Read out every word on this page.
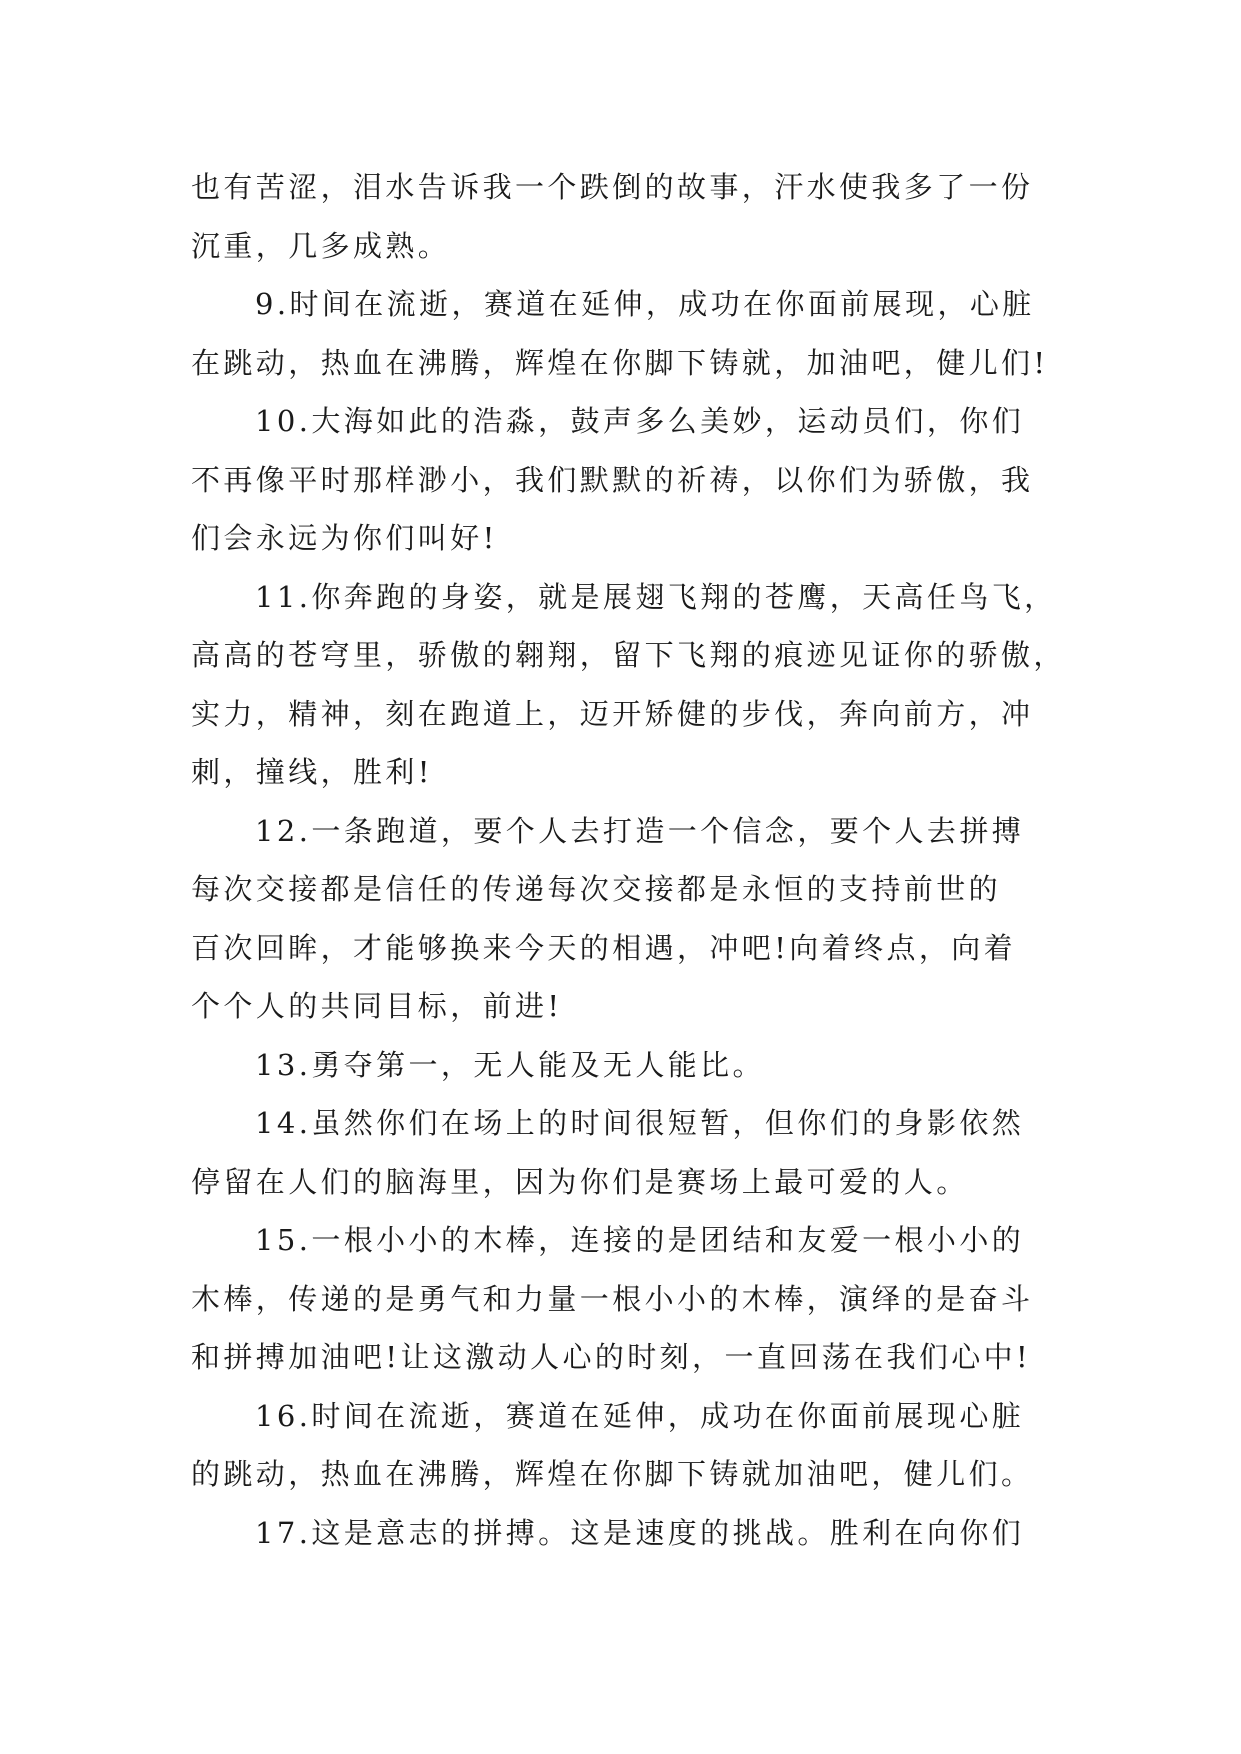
也有苦涩，泪水告诉我一个跌倒的故事，汗水使我多了一份
沉重，几多成熟。
9.时间在流逝，赛道在延伸，成功在你面前展现，心脏
在跳动，热血在沸腾，辉煌在你脚下铸就，加油吧，健儿们!
10.大海如此的浩淼，鼓声多么美妙，运动员们，你们
不再像平时那样渺小，我们默默的祈祷，以你们为骄傲，我
们会永远为你们叫好!
11.你奔跑的身姿，就是展翅飞翔的苍鹰，天高任鸟飞，
高高的苍穹里，骄傲的翱翔，留下飞翔的痕迹见证你的骄傲，
实力，精神，刻在跑道上，迈开矫健的步伐，奔向前方，冲
刺，撞线，胜利!
12.一条跑道，要个人去打造一个信念，要个人去拼搏
每次交接都是信任的传递每次交接都是永恒的支持前世的
百次回眸，才能够换来今天的相遇，冲吧!向着终点，向着
个个人的共同目标，前进!
13.勇夺第一，无人能及无人能比。
14.虽然你们在场上的时间很短暂，但你们的身影依然
停留在人们的脑海里，因为你们是赛场上最可爱的人。
15.一根小小的木棒，连接的是团结和友爱一根小小的
木棒，传递的是勇气和力量一根小小的木棒，演绎的是奋斗
和拼搏加油吧!让这激动人心的时刻，一直回荡在我们心中!
16.时间在流逝，赛道在延伸，成功在你面前展现心脏
的跳动，热血在沸腾，辉煌在你脚下铸就加油吧，健儿们。
17.这是意志的拼搏。这是速度的挑战。胜利在向你们
